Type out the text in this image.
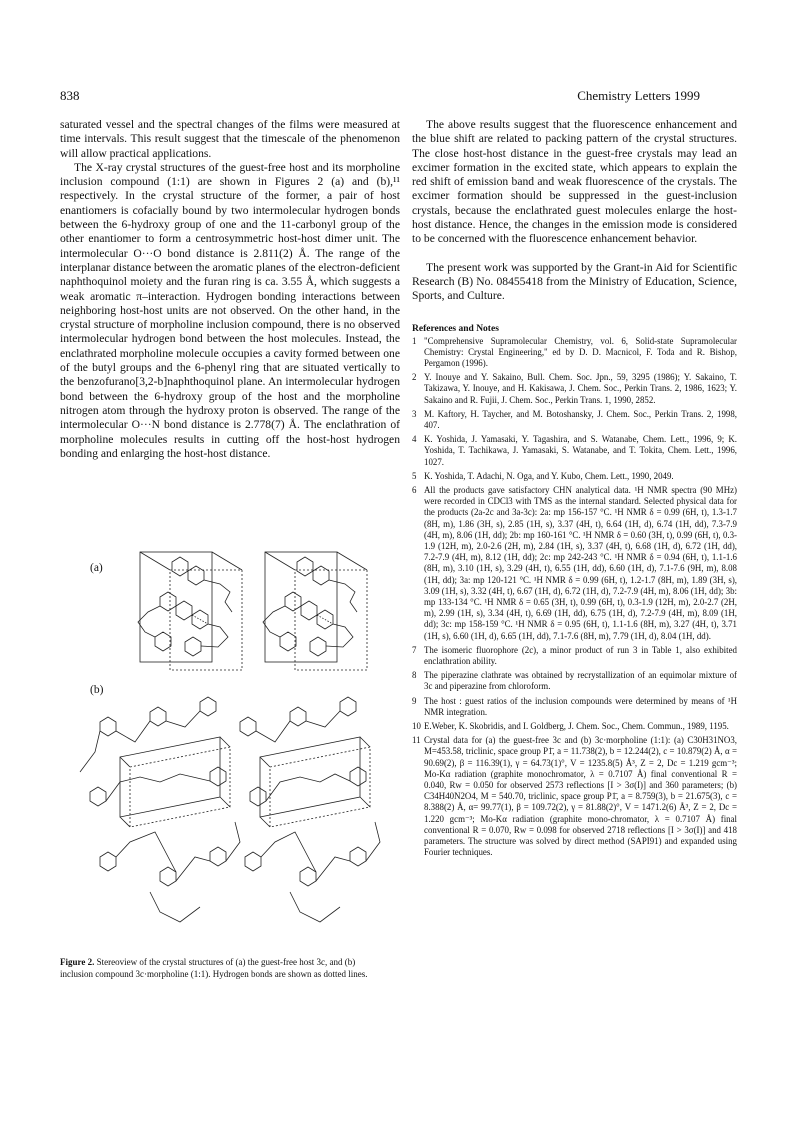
838	Chemistry Letters 1999

saturated vessel and the spectral changes of the films were measured at time intervals. This result suggest that the timescale of the phenomenon will allow practical applications.

The X-ray crystal structures of the guest-free host and its morpholine inclusion compound (1:1) are shown in Figures 2 (a) and (b),¹¹ respectively. In the crystal structure of the former, a pair of host enantiomers is cofacially bound by two intermolecular hydrogen bonds between the 6-hydroxy group of one and the 11-carbonyl group of the other enantiomer to form a centrosymmetric host-host dimer unit. The intermolecular O···O bond distance is 2.811(2) Å. The range of the interplanar distance between the aromatic planes of the electron-deficient naphthoquinol moiety and the furan ring is ca. 3.55 Å, which suggests a weak aromatic π–interaction. Hydrogen bonding interactions between neighboring host-host units are not observed. On the other hand, in the crystal structure of morpholine inclusion compound, there is no observed intermolecular hydrogen bond between the host molecules. Instead, the enclathrated morpholine molecule occupies a cavity formed between one of the butyl groups and the 6-phenyl ring that are situated vertically to the benzofurano[3,2-b]naphthoquinol plane. An intermolecular hydrogen bond between the 6-hydroxy group of the host and the morpholine nitrogen atom through the hydroxy proton is observed. The range of the intermolecular O···N bond distance is 2.778(7) Å. The enclathration of morpholine molecules results in cutting off the host-host hydrogen bonding and enlarging the host-host distance.

(a)
(b)
Figure 2. Stereoview of the crystal structures of (a) the guest-free host 3c, and (b) inclusion compound 3c·morpholine (1:1). Hydrogen bonds are shown as dotted lines.

The above results suggest that the fluorescence enhancement and the blue shift are related to packing pattern of the crystal structures. The close host-host distance in the guest-free crystals may lead an excimer formation in the excited state, which appears to explain the red shift of emission band and weak fluorescence of the crystals. The excimer formation should be suppressed in the guest-inclusion crystals, because the enclathrated guest molecules enlarge the host-host distance. Hence, the changes in the emission mode is considered to be concerned with the fluorescence enhancement behavior.

The present work was supported by the Grant-in Aid for Scientific Research (B) No. 08455418 from the Ministry of Education, Science, Sports, and Culture.

References and Notes
1 "Comprehensive Supramolecular Chemistry, vol. 6, Solid-state Supramolecular Chemistry: Crystal Engineering," ed by D. D. Macnicol, F. Toda and R. Bishop, Pergamon (1996).
2 Y. Inouye and Y. Sakaino, Bull. Chem. Soc. Jpn., 59, 3295 (1986); Y. Sakaino, T. Takizawa, Y. Inouye, and H. Kakisawa, J. Chem. Soc., Perkin Trans. 2, 1986, 1623; Y. Sakaino and R. Fujii, J. Chem. Soc., Perkin Trans. 1, 1990, 2852.
3 M. Kaftory, H. Taycher, and M. Botoshansky, J. Chem. Soc., Perkin Trans. 2, 1998, 407.
4 K. Yoshida, J. Yamasaki, Y. Tagashira, and S. Watanabe, Chem. Lett., 1996, 9; K. Yoshida, T. Tachikawa, J. Yamasaki, S. Watanabe, and T. Tokita, Chem. Lett., 1996, 1027.
5 K. Yoshida, T. Adachi, N. Oga, and Y. Kubo, Chem. Lett., 1990, 2049.
6 All the products gave satisfactory CHN analytical data. ¹H NMR spectra (90 MHz) were recorded in CDCl3 with TMS as the internal standard. Selected physical data for the products (2a-2c and 3a-3c): 2a: mp 156-157 °C. ¹H NMR δ = 0.99 (6H, t), 1.3-1.7 (8H, m), 1.86 (3H, s), 2.85 (1H, s), 3.37 (4H, t), 6.64 (1H, d), 6.74 (1H, dd), 7.3-7.9 (4H, m), 8.06 (1H, dd); 2b: mp 160-161 °C. ¹H NMR δ = 0.60 (3H, t), 0.99 (6H, t), 0.3-1.9 (12H, m), 2.0-2.6 (2H, m), 2.84 (1H, s), 3.37 (4H, t), 6.68 (1H, d), 6.72 (1H, dd), 7.2-7.9 (4H, m), 8.12 (1H, dd); 2c: mp 242-243 °C. ¹H NMR δ = 0.94 (6H, t), 1.1-1.6 (8H, m), 3.10 (1H, s), 3.29 (4H, t), 6.55 (1H, dd), 6.60 (1H, d), 7.1-7.6 (9H, m), 8.08 (1H, dd); 3a: mp 120-121 °C. ¹H NMR δ = 0.99 (6H, t), 1.2-1.7 (8H, m), 1.89 (3H, s), 3.09 (1H, s), 3.32 (4H, t), 6.67 (1H, d), 6.72 (1H, d), 7.2-7.9 (4H, m), 8.06 (1H, dd); 3b: mp 133-134 °C. ¹H NMR δ = 0.65 (3H, t), 0.99 (6H, t), 0.3-1.9 (12H, m), 2.0-2.7 (2H, m), 2.99 (1H, s), 3.34 (4H, t), 6.69 (1H, dd), 6.75 (1H, d), 7.2-7.9 (4H, m), 8.09 (1H, dd); 3c: mp 158-159 °C. ¹H NMR δ = 0.95 (6H, t), 1.1-1.6 (8H, m), 3.27 (4H, t), 3.71 (1H, s), 6.60 (1H, d), 6.65 (1H, dd), 7.1-7.6 (8H, m), 7.79 (1H, d), 8.04 (1H, dd).
7 The isomeric fluorophore (2c), a minor product of run 3 in Table 1, also exhibited enclathration ability.
8 The piperazine clathrate was obtained by recrystallization of an equimolar mixture of 3c and piperazine from chloroform.
9 The host : guest ratios of the inclusion compounds were determined by means of ¹H NMR integration.
10 E.Weber, K. Skobridis, and I. Goldberg, J. Chem. Soc., Chem. Commun., 1989, 1195.
11 Crystal data for (a) the guest-free 3c and (b) 3c·morpholine (1:1): (a) C30H31NO3, M=453.58, triclinic, space group P1̄, a = 11.738(2), b = 12.244(2), c = 10.879(2) Å, α = 90.69(2), β = 116.39(1), γ = 64.73(1)°, V = 1235.8(5) Å³, Z = 2, Dc = 1.219 gcm⁻³; Mo-Kα radiation (graphite monochromator, λ = 0.7107 Å) final conventional R = 0.040, Rw = 0.050 for observed 2573 reflections [I > 3σ(I)] and 360 parameters; (b) C34H40N2O4, M = 540.70, triclinic, space group P1̄, a = 8.759(3), b = 21.675(3), c = 8.388(2) Å, α= 99.77(1), β = 109.72(2), γ = 81.88(2)°, V = 1471.2(6) Å³, Z = 2, Dc = 1.220 gcm⁻³; Mo-Kα radiation (graphite mono-chromator, λ = 0.7107 Å) final conventional R = 0.070, Rw = 0.098 for observed 2718 reflections [I > 3σ(I)] and 418 parameters. The structure was solved by direct method (SAPI91) and expanded using Fourier techniques.
